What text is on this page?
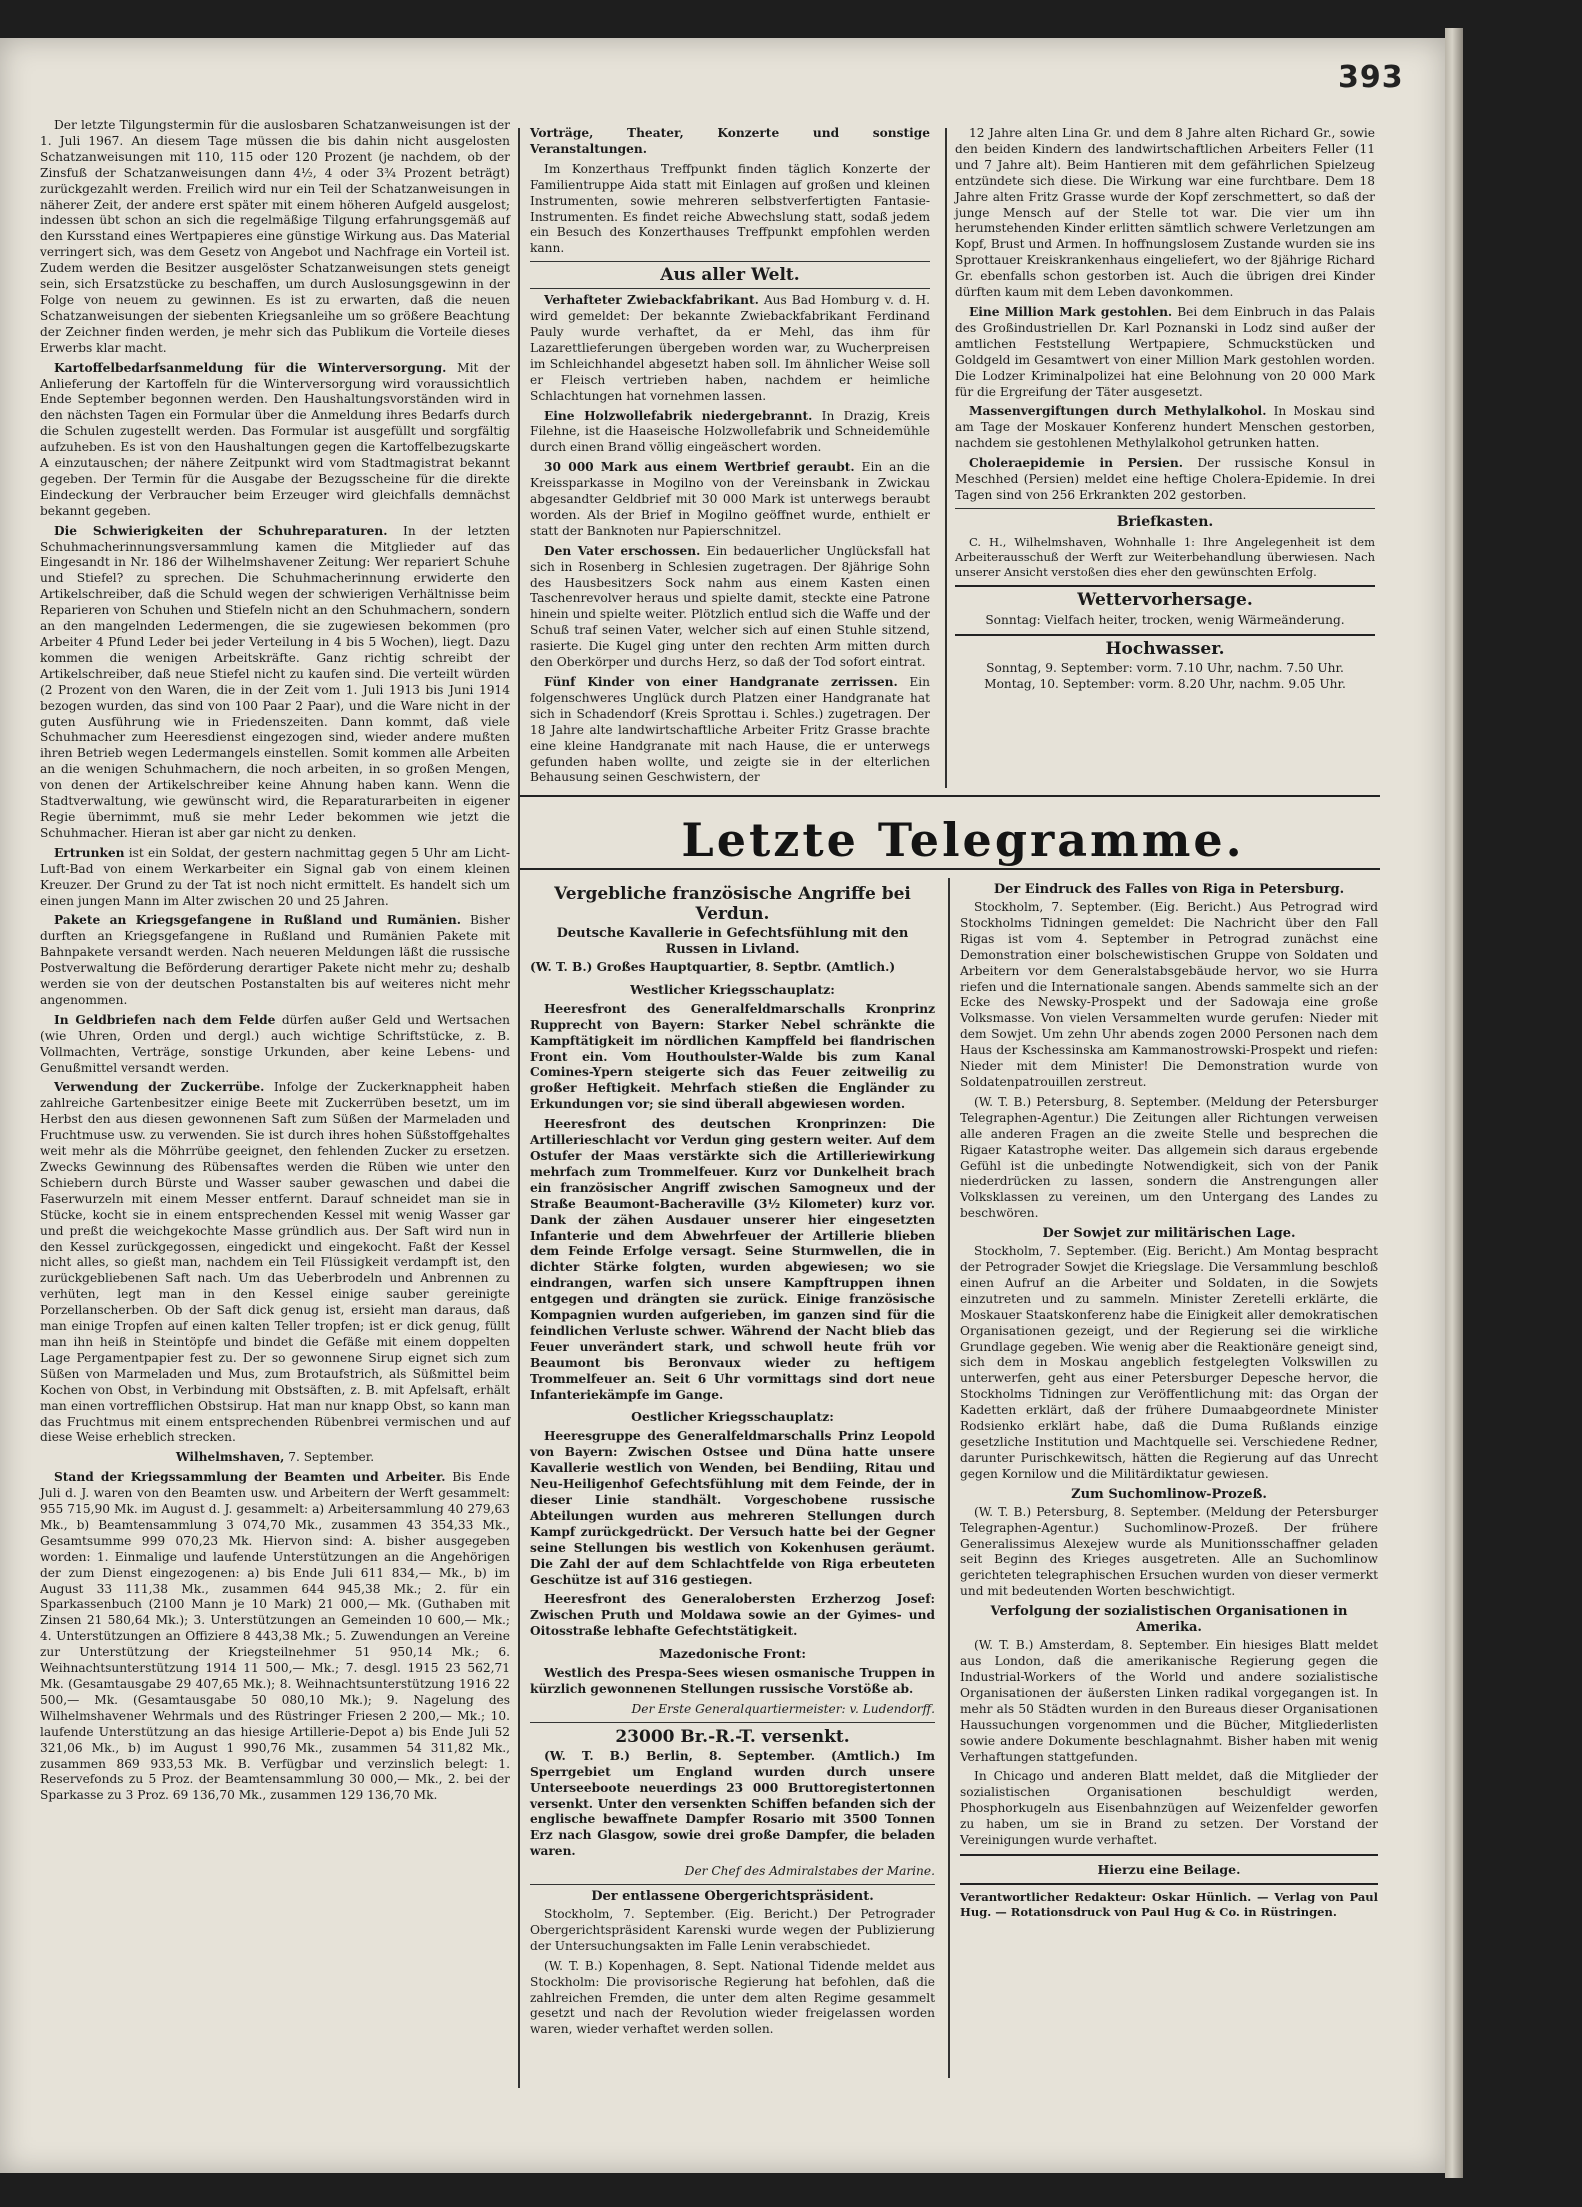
393

Der letzte Tilgungstermin für die auslosbaren Schatzanweisungen ist der 1. Juli 1967. An diesem Tage müssen die bis dahin nicht ausgelosten Schatzanweisungen mit 110, 115 oder 120 Prozent (je nachdem, ob der Zinsfuß der Schatzanweisungen dann 4½, 4 oder 3¾ Prozent beträgt) zurückgezahlt werden. Freilich wird nur ein Teil der Schatzanweisungen in näherer Zeit, der andere erst später mit einem höheren Aufgeld ausgelost; indessen übt schon an sich die regelmäßige Tilgung erfahrungsgemäß auf den Kursstand eines Wertpapieres eine günstige Wirkung aus. Das Material verringert sich, was dem Gesetz von Angebot und Nachfrage ein Vorteil ist. Zudem werden die Besitzer ausgelöster Schatzanweisungen stets geneigt sein, sich Ersatzstücke zu beschaffen, um durch Auslosungsgewinn in der Folge von neuem zu gewinnen. Es ist zu erwarten, daß die neuen Schatzanweisungen der siebenten Kriegsanleihe um so größere Beachtung der Zeichner finden werden, je mehr sich das Publikum die Vorteile dieses Erwerbs klar macht.

Kartoffelbedarfsanmeldung für die Winterversorgung. Mit der Anlieferung der Kartoffeln für die Winterversorgung wird voraussichtlich Ende September begonnen werden. Den Haushaltungsvorständen wird in den nächsten Tagen ein Formular über die Anmeldung ihres Bedarfs durch die Schulen zugestellt werden. Das Formular ist ausgefüllt und sorgfältig aufzuheben. Es ist von den Haushaltungen gegen die Kartoffelbezugskarte A einzutauschen; der nähere Zeitpunkt wird vom Stadtmagistrat bekannt gegeben. Der Termin für die Ausgabe der Bezugsscheine für die direkte Eindeckung der Verbraucher beim Erzeuger wird gleichfalls demnächst bekannt gegeben.

Die Schwierigkeiten der Schuhreparaturen. In der letzten Schuhmacherinnungsversammlung kamen die Mitglieder auf das Eingesandt in Nr. 186 der Wilhelmshavener Zeitung: Wer repariert Schuhe und Stiefel? zu sprechen. Die Schuhmacherinnung erwiderte den Artikelschreiber, daß die Schuld wegen der schwierigen Verhältnisse beim Reparieren von Schuhen und Stiefeln nicht an den Schuhmachern, sondern an den mangelnden Ledermengen, die sie zugewiesen bekommen (pro Arbeiter 4 Pfund Leder bei jeder Verteilung in 4 bis 5 Wochen), liegt. Dazu kommen die wenigen Arbeitskräfte. Ganz richtig schreibt der Artikelschreiber, daß neue Stiefel nicht zu kaufen sind. Die verteilt würden (2 Prozent von den Waren, die in der Zeit vom 1. Juli 1913 bis Juni 1914 bezogen wurden, das sind von 100 Paar 2 Paar), und die Ware nicht in der guten Ausführung wie in Friedenszeiten. Dann kommt, daß viele Schuhmacher zum Heeresdienst eingezogen sind, wieder andere mußten ihren Betrieb wegen Ledermangels einstellen. Somit kommen alle Arbeiten an die wenigen Schuhmachern, die noch arbeiten, in so großen Mengen, von denen der Artikelschreiber keine Ahnung haben kann. Wenn die Stadtverwaltung, wie gewünscht wird, die Reparaturarbeiten in eigener Regie übernimmt, muß sie mehr Leder bekommen wie jetzt die Schuhmacher. Hieran ist aber gar nicht zu denken.

Ertrunken ist ein Soldat, der gestern nachmittag gegen 5 Uhr am Licht-Luft-Bad von einem Werkarbeiter ein Signal gab von einem kleinen Kreuzer. Der Grund zu der Tat ist noch nicht ermittelt. Es handelt sich um einen jungen Mann im Alter zwischen 20 und 25 Jahren.

Pakete an Kriegsgefangene in Rußland und Rumänien. Bisher durften an Kriegsgefangene in Rußland und Rumänien Pakete mit Bahnpakete versandt werden. Nach neueren Meldungen läßt die russische Postverwaltung die Beförderung derartiger Pakete nicht mehr zu; deshalb werden sie von der deutschen Postanstalten bis auf weiteres nicht mehr angenommen.

In Geldbriefen nach dem Felde dürfen außer Geld und Wertsachen (wie Uhren, Orden und dergl.) auch wichtige Schriftstücke, z. B. Vollmachten, Verträge, sonstige Urkunden, aber keine Lebens- und Genußmittel versandt werden.

Verwendung der Zuckerrübe. Infolge der Zuckerknappheit haben zahlreiche Gartenbesitzer einige Beete mit Zuckerrüben besetzt, um im Herbst den aus diesen gewonnenen Saft zum Süßen der Marmeladen und Fruchtmuse usw. zu verwenden. Sie ist durch ihres hohen Süßstoffgehaltes weit mehr als die Möhrrübe geeignet, den fehlenden Zucker zu ersetzen. Zwecks Gewinnung des Rübensaftes werden die Rüben wie unter den Schiebern durch Bürste und Wasser sauber gewaschen und dabei die Faserwurzeln mit einem Messer entfernt. Darauf schneidet man sie in Stücke, kocht sie in einem entsprechenden Kessel mit wenig Wasser gar und preßt die weichgekochte Masse gründlich aus. Der Saft wird nun in den Kessel zurückgegossen, eingedickt und eingekocht. Faßt der Kessel nicht alles, so gießt man, nachdem ein Teil Flüssigkeit verdampft ist, den zurückgebliebenen Saft nach. Um das Ueberbrodeln und Anbrennen zu verhüten, legt man in den Kessel einige sauber gereinigte Porzellanscherben. Ob der Saft dick genug ist, ersieht man daraus, daß man einige Tropfen auf einen kalten Teller tropfen; ist er dick genug, füllt man ihn heiß in Steintöpfe und bindet die Gefäße mit einem doppelten Lage Pergamentpapier fest zu. Der so gewonnene Sirup eignet sich zum Süßen von Marmeladen und Mus, zum Brotaufstrich, als Süßmittel beim Kochen von Obst, in Verbindung mit Obstsäften, z. B. mit Apfelsaft, erhält man einen vortrefflichen Obstsirup. Hat man nur knapp Obst, so kann man das Fruchtmus mit einem entsprechenden Rübenbrei vermischen und auf diese Weise erheblich strecken.

Wilhelmshaven, 7. September.

Stand der Kriegssammlung der Beamten und Arbeiter. Bis Ende Juli d. J. waren von den Beamten usw. und Arbeitern der Werft gesammelt: 955 715,90 Mk. im August d. J. gesammelt: a) Arbeitersammlung 40 279,63 Mk., b) Beamtensammlung 3 074,70 Mk., zusammen 43 354,33 Mk., Gesamtsumme 999 070,23 Mk. Hiervon sind: A. bisher ausgegeben worden: 1. Einmalige und laufende Unterstützungen an die Angehörigen der zum Dienst eingezogenen: a) bis Ende Juli 611 834,— Mk., b) im August 33 111,38 Mk., zusammen 644 945,38 Mk.; 2. für ein Sparkassenbuch (2100 Mann je 10 Mark) 21 000,— Mk. (Guthaben mit Zinsen 21 580,64 Mk.); 3. Unterstützungen an Gemeinden 10 600,— Mk.; 4. Unterstützungen an Offiziere 8 443,38 Mk.; 5. Zuwendungen an Vereine zur Unterstützung der Kriegsteilnehmer 51 950,14 Mk.; 6. Weihnachtsunterstützung 1914 11 500,— Mk.; 7. desgl. 1915 23 562,71 Mk. (Gesamtausgabe 29 407,65 Mk.); 8. Weihnachtsunterstützung 1916 22 500,— Mk. (Gesamtausgabe 50 080,10 Mk.); 9. Nagelung des Wilhelmshavener Wehrmals und des Rüstringer Friesen 2 200,— Mk.; 10. laufende Unterstützung an das hiesige Artillerie-Depot a) bis Ende Juli 52 321,06 Mk., b) im August 1 990,76 Mk., zusammen 54 311,82 Mk., zusammen 869 933,53 Mk. B. Verfügbar und verzinslich belegt: 1. Reservefonds zu 5 Proz. der Beamtensammlung 30 000,— Mk., 2. bei der Sparkasse zu 3 Proz. 69 136,70 Mk., zusammen 129 136,70 Mk.

Vorträge, Theater, Konzerte und sonstige Veranstaltungen.

Im Konzerthaus Treffpunkt finden täglich Konzerte der Familientruppe Aida statt mit Einlagen auf großen und kleinen Instrumenten, sowie mehreren selbstverfertigten Fantasie-Instrumenten. Es findet reiche Abwechslung statt, sodaß jedem ein Besuch des Konzerthauses Treffpunkt empfohlen werden kann.

Aus aller Welt.

Verhafteter Zwiebackfabrikant. Aus Bad Homburg v. d. H. wird gemeldet: Der bekannte Zwiebackfabrikant Ferdinand Pauly wurde verhaftet, da er Mehl, das ihm für Lazarettlieferungen übergeben worden war, zu Wucherpreisen im Schleichhandel abgesetzt haben soll. Im ähnlicher Weise soll er Fleisch vertrieben haben, nachdem er heimliche Schlachtungen hat vornehmen lassen.

Eine Holzwollefabrik niedergebrannt. In Drazig, Kreis Filehne, ist die Haaseische Holzwollefabrik und Schneidemühle durch einen Brand völlig eingeäschert worden.

30 000 Mark aus einem Wertbrief geraubt. Ein an die Kreissparkasse in Mogilno von der Vereinsbank in Zwickau abgesandter Geldbrief mit 30 000 Mark ist unterwegs beraubt worden. Als der Brief in Mogilno geöffnet wurde, enthielt er statt der Banknoten nur Papierschnitzel.

Den Vater erschossen. Ein bedauerlicher Unglücksfall hat sich in Rosenberg in Schlesien zugetragen. Der 8jährige Sohn des Hausbesitzers Sock nahm aus einem Kasten einen Taschenrevolver heraus und spielte damit, steckte eine Patrone hinein und spielte weiter. Plötzlich entlud sich die Waffe und der Schuß traf seinen Vater, welcher sich auf einen Stuhle sitzend, rasierte. Die Kugel ging unter den rechten Arm mitten durch den Oberkörper und durchs Herz, so daß der Tod sofort eintrat.

Fünf Kinder von einer Handgranate zerrissen. Ein folgenschweres Unglück durch Platzen einer Handgranate hat sich in Schadendorf (Kreis Sprottau i. Schles.) zugetragen. Der 18 Jahre alte landwirtschaftliche Arbeiter Fritz Grasse brachte eine kleine Handgranate mit nach Hause, die er unterwegs gefunden haben wollte, und zeigte sie in der elterlichen Behausung seinen Geschwistern, der

12 Jahre alten Lina Gr. und dem 8 Jahre alten Richard Gr., sowie den beiden Kindern des landwirtschaftlichen Arbeiters Feller (11 und 7 Jahre alt). Beim Hantieren mit dem gefährlichen Spielzeug entzündete sich diese. Die Wirkung war eine furchtbare. Dem 18 Jahre alten Fritz Grasse wurde der Kopf zerschmettert, so daß der junge Mensch auf der Stelle tot war. Die vier um ihn herumstehenden Kinder erlitten sämtlich schwere Verletzungen am Kopf, Brust und Armen. In hoffnungslosem Zustande wurden sie ins Sprottauer Kreiskrankenhaus eingeliefert, wo der 8jährige Richard Gr. ebenfalls schon gestorben ist. Auch die übrigen drei Kinder dürften kaum mit dem Leben davonkommen.

Eine Million Mark gestohlen. Bei dem Einbruch in das Palais des Großindustriellen Dr. Karl Poznanski in Lodz sind außer der amtlichen Feststellung Wertpapiere, Schmuckstücken und Goldgeld im Gesamtwert von einer Million Mark gestohlen worden. Die Lodzer Kriminalpolizei hat eine Belohnung von 20 000 Mark für die Ergreifung der Täter ausgesetzt.

Massenvergiftungen durch Methylalkohol. In Moskau sind am Tage der Moskauer Konferenz hundert Menschen gestorben, nachdem sie gestohlenen Methylalkohol getrunken hatten.

Choleraepidemie in Persien. Der russische Konsul in Meschhed (Persien) meldet eine heftige Cholera-Epidemie. In drei Tagen sind von 256 Erkrankten 202 gestorben.

Briefkasten.

C. H., Wilhelmshaven, Wohnhalle 1: Ihre Angelegenheit ist dem Arbeiterausschuß der Werft zur Weiterbehandlung überwiesen. Nach unserer Ansicht verstoßen dies eher den gewünschten Erfolg.

Wettervorhersage.

Sonntag: Vielfach heiter, trocken, wenig Wärmeänderung.

Hochwasser.

Sonntag, 9. September: vorm. 7.10 Uhr, nachm. 7.50 Uhr.

Montag, 10. September: vorm. 8.20 Uhr, nachm. 9.05 Uhr.

Letzte Telegramme.
Vergebliche französische Angriffe bei Verdun.
Deutsche Kavallerie in Gefechtsfühlung mit den Russen in Livland.

(W. T. B.) Großes Hauptquartier, 8. Septbr. (Amtlich.)

Westlicher Kriegsschauplatz:

Heeresfront des Generalfeldmarschalls Kronprinz Rupprecht von Bayern: Starker Nebel schränkte die Kampftätigkeit im nördlichen Kampffeld bei flandrischen Front ein. Vom Houthoulster-Walde bis zum Kanal Comines-Ypern steigerte sich das Feuer zeitweilig zu großer Heftigkeit. Mehrfach stießen die Engländer zu Erkundungen vor; sie sind überall abgewiesen worden.

Heeresfront des deutschen Kronprinzen: Die Artillerieschlacht vor Verdun ging gestern weiter. Auf dem Ostufer der Maas verstärkte sich die Artilleriewirkung mehrfach zum Trommelfeuer. Kurz vor Dunkelheit brach ein französischer Angriff zwischen Samogneux und der Straße Beaumont-Bacheraville (3½ Kilometer) kurz vor. Dank der zähen Ausdauer unserer hier eingesetzten Infanterie und dem Abwehrfeuer der Artillerie blieben dem Feinde Erfolge versagt. Seine Sturmwellen, die in dichter Stärke folgten, wurden abgewiesen; wo sie eindrangen, warfen sich unsere Kampftruppen ihnen entgegen und drängten sie zurück. Einige französische Kompagnien wurden aufgerieben, im ganzen sind für die feindlichen Verluste schwer. Während der Nacht blieb das Feuer unverändert stark, und schwoll heute früh vor Beaumont bis Beronvaux wieder zu heftigem Trommelfeuer an. Seit 6 Uhr vormittags sind dort neue Infanteriekämpfe im Gange.

Oestlicher Kriegsschauplatz:

Heeresgruppe des Generalfeldmarschalls Prinz Leopold von Bayern: Zwischen Ostsee und Düna hatte unsere Kavallerie westlich von Wenden, bei Bendiing, Ritau und Neu-Heiligenhof Gefechtsfühlung mit dem Feinde, der in dieser Linie standhält. Vorgeschobene russische Abteilungen wurden aus mehreren Stellungen durch Kampf zurückgedrückt. Der Versuch hatte bei der Gegner seine Stellungen bis westlich von Kokenhusen geräumt. Die Zahl der auf dem Schlachtfelde von Riga erbeuteten Geschütze ist auf 316 gestiegen.

Heeresfront des Generalobersten Erzherzog Josef: Zwischen Pruth und Moldawa sowie an der Gyimes- und Oitosstraße lebhafte Gefechtstätigkeit.

Mazedonische Front:

Westlich des Prespa-Sees wiesen osmanische Truppen in kürzlich gewonnenen Stellungen russische Vorstöße ab.

Der Erste Generalquartiermeister: v. Ludendorff.

23000 Br.-R.-T. versenkt.

(W. T. B.) Berlin, 8. September. (Amtlich.) Im Sperrgebiet um England wurden durch unsere Unterseeboote neuerdings 23 000 Bruttoregistertonnen versenkt. Unter den versenkten Schiffen befanden sich der englische bewaffnete Dampfer Rosario mit 3500 Tonnen Erz nach Glasgow, sowie drei große Dampfer, die beladen waren.

Der Chef des Admiralstabes der Marine.

Der entlassene Obergerichtspräsident.

Stockholm, 7. September. (Eig. Bericht.) Der Petrograder Obergerichtspräsident Karenski wurde wegen der Publizierung der Untersuchungsakten im Falle Lenin verabschiedet.

(W. T. B.) Kopenhagen, 8. Sept. National Tidende meldet aus Stockholm: Die provisorische Regierung hat befohlen, daß die zahlreichen Fremden, die unter dem alten Regime gesammelt gesetzt und nach der Revolution wieder freigelassen worden waren, wieder verhaftet werden sollen.

Der Eindruck des Falles von Riga in Petersburg.

Stockholm, 7. September. (Eig. Bericht.) Aus Petrograd wird Stockholms Tidningen gemeldet: Die Nachricht über den Fall Rigas ist vom 4. September in Petrograd zunächst eine Demonstration einer bolschewistischen Gruppe von Soldaten und Arbeitern vor dem Generalstabsgebäude hervor, wo sie Hurra riefen und die Internationale sangen. Abends sammelte sich an der Ecke des Newsky-Prospekt und der Sadowaja eine große Volksmasse. Von vielen Versammelten wurde gerufen: Nieder mit dem Sowjet. Um zehn Uhr abends zogen 2000 Personen nach dem Haus der Kschessinska am Kammanostrowski-Prospekt und riefen: Nieder mit dem Minister! Die Demonstration wurde von Soldatenpatrouillen zerstreut.

(W. T. B.) Petersburg, 8. September. (Meldung der Petersburger Telegraphen-Agentur.) Die Zeitungen aller Richtungen verweisen alle anderen Fragen an die zweite Stelle und besprechen die Rigaer Katastrophe weiter. Das allgemein sich daraus ergebende Gefühl ist die unbedingte Notwendigkeit, sich von der Panik niederdrücken zu lassen, sondern die Anstrengungen aller Volksklassen zu vereinen, um den Untergang des Landes zu beschwören.

Der Sowjet zur militärischen Lage.

Stockholm, 7. September. (Eig. Bericht.) Am Montag bespracht der Petrograder Sowjet die Kriegslage. Die Versammlung beschloß einen Aufruf an die Arbeiter und Soldaten, in die Sowjets einzutreten und zu sammeln. Minister Zeretelli erklärte, die Moskauer Staatskonferenz habe die Einigkeit aller demokratischen Organisationen gezeigt, und der Regierung sei die wirkliche Grundlage gegeben. Wie wenig aber die Reaktionäre geneigt sind, sich dem in Moskau angeblich festgelegten Volkswillen zu unterwerfen, geht aus einer Petersburger Depesche hervor, die Stockholms Tidningen zur Veröffentlichung mit: das Organ der Kadetten erklärt, daß der frühere Dumaabgeordnete Minister Rodsienko erklärt habe, daß die Duma Rußlands einzige gesetzliche Institution und Machtquelle sei. Verschiedene Redner, darunter Purischkewitsch, hätten die Regierung auf das Unrecht gegen Kornilow und die Militärdiktatur gewiesen.

Zum Suchomlinow-Prozeß.

(W. T. B.) Petersburg, 8. September. (Meldung der Petersburger Telegraphen-Agentur.) Suchomlinow-Prozeß. Der frühere Generalissimus Alexejew wurde als Munitionsschaffner geladen seit Beginn des Krieges ausgetreten. Alle an Suchomlinow gerichteten telegraphischen Ersuchen wurden von dieser vermerkt und mit bedeutenden Worten beschwichtigt.

Verfolgung der sozialistischen Organisationen in Amerika.

(W. T. B.) Amsterdam, 8. September. Ein hiesiges Blatt meldet aus London, daß die amerikanische Regierung gegen die Industrial-Workers of the World und andere sozialistische Organisationen der äußersten Linken radikal vorgegangen ist. In mehr als 50 Städten wurden in den Bureaus dieser Organisationen Haussuchungen vorgenommen und die Bücher, Mitgliederlisten sowie andere Dokumente beschlagnahmt. Bisher haben mit wenig Verhaftungen stattgefunden.

In Chicago und anderen Blatt meldet, daß die Mitglieder der sozialistischen Organisationen beschuldigt werden, Phosphorkugeln aus Eisenbahnzügen auf Weizenfelder geworfen zu haben, um sie in Brand zu setzen. Der Vorstand der Vereinigungen wurde verhaftet.

Hierzu eine Beilage.

Verantwortlicher Redakteur: Oskar Hünlich. — Verlag von Paul Hug. — Rotationsdruck von Paul Hug & Co. in Rüstringen.
